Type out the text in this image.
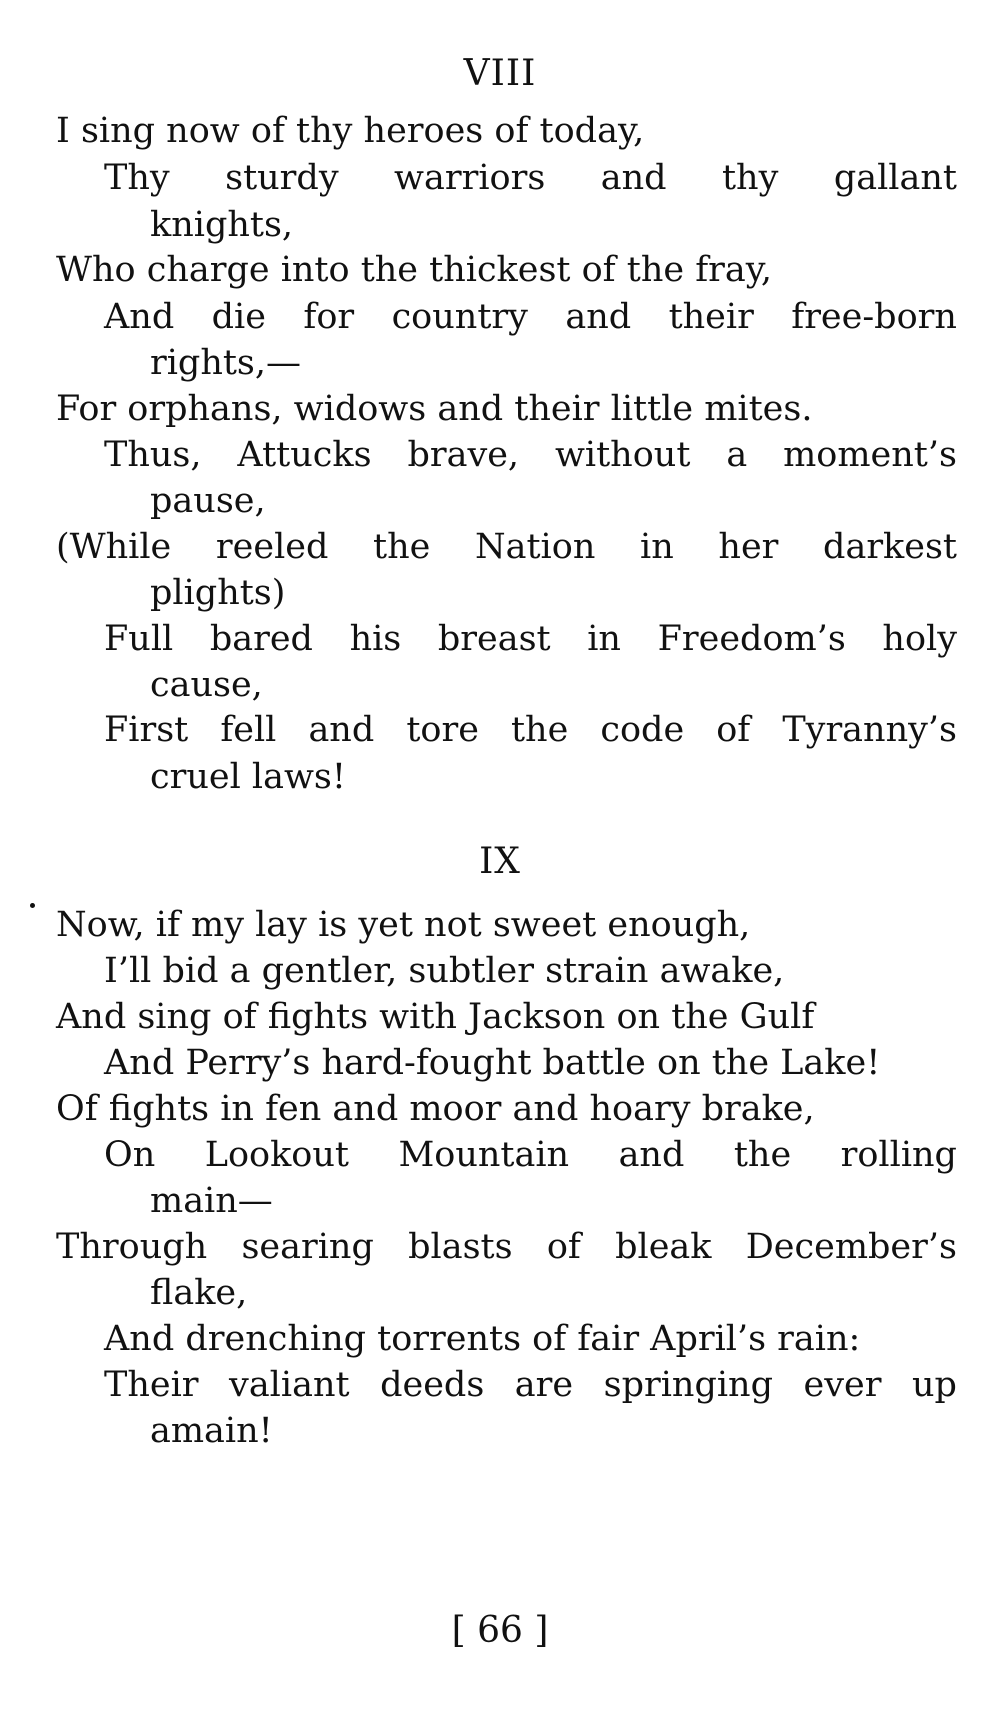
VIII
I sing now of thy heroes of today,
Thy sturdy warriors and thy gallant
knights,
Who charge into the thickest of the fray,
And die for country and their free-born
rights,—
For orphans, widows and their little mites.
Thus, Attucks brave, without a moment’s
pause,
(While reeled the Nation in her darkest
plights)
Full bared his breast in Freedom’s holy
cause,
First fell and tore the code of Tyranny’s
cruel laws!
IX
Now, if my lay is yet not sweet enough,
I’ll bid a gentler, subtler strain awake,
And sing of fights with Jackson on the Gulf
And Perry’s hard-fought battle on the Lake!
Of fights in fen and moor and hoary brake,
On Lookout Mountain and the rolling
main—
Through searing blasts of bleak December’s
flake,
And drenching torrents of fair April’s rain:
Their valiant deeds are springing ever up
amain!
[ 66 ]
